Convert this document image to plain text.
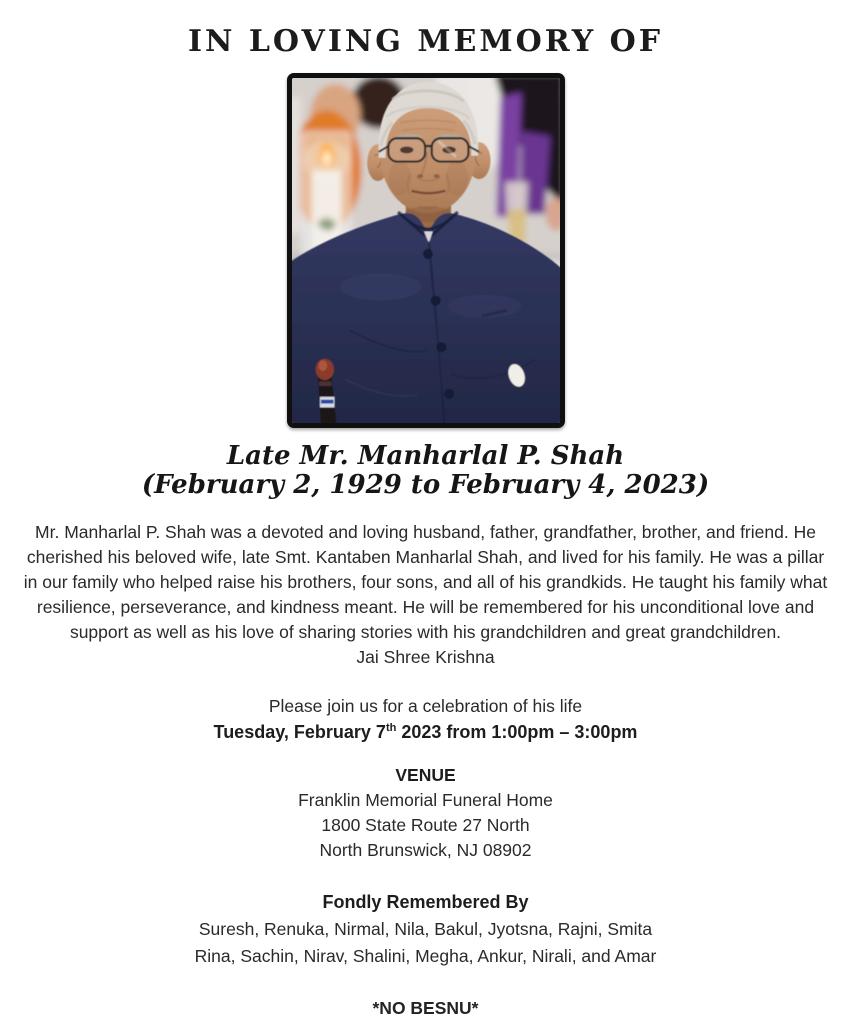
IN LOVING MEMORY OF
Late Mr. Manharlal P. Shah
(February 2, 1929 to February 4, 2023)
Mr. Manharlal P. Shah was a devoted and loving husband, father, grandfather, brother, and friend. He cherished his beloved wife, late Smt. Kantaben Manharlal Shah, and lived for his family. He was a pillar in our family who helped raise his brothers, four sons, and all of his grandkids. He taught his family what resilience, perseverance, and kindness meant. He will be remembered for his unconditional love and support as well as his love of sharing stories with his grandchildren and great grandchildren.
Jai Shree Krishna
Please join us for a celebration of his life
Tuesday, February 7th 2023 from 1:00pm – 3:00pm
VENUE
Franklin Memorial Funeral Home
1800 State Route 27 North
North Brunswick, NJ 08902
Fondly Remembered By
Suresh, Renuka, Nirmal, Nila, Bakul, Jyotsna, Rajni, Smita
Rina, Sachin, Nirav, Shalini, Megha, Ankur, Nirali, and Amar
*NO BESNU*
